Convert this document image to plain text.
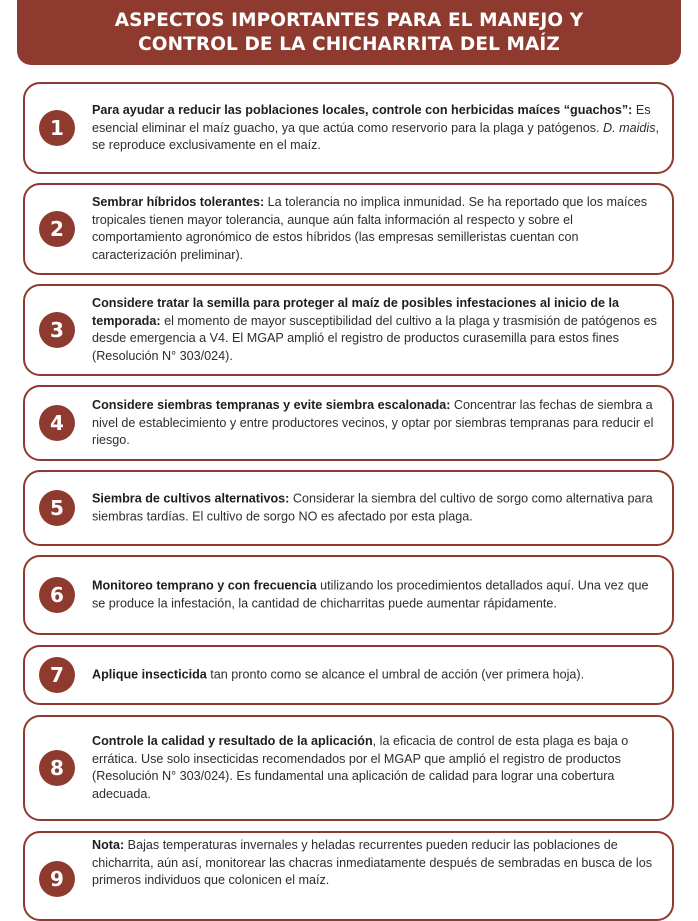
ASPECTOS IMPORTANTES PARA EL MANEJO Y
CONTROL DE LA CHICHARRITA DEL MAÍZ
1
Para ayudar a reducir las poblaciones locales, controle con herbicidas maíces “guachos”: Es esencial eliminar el maíz guacho, ya que actúa como reservorio para la plaga y patógenos. D. maidis, se reproduce exclusivamente en el maíz.
2
Sembrar híbridos tolerantes: La tolerancia no implica inmunidad. Se ha reportado que los maíces tropicales tienen mayor tolerancia, aunque aún falta información al respecto y sobre el comportamiento agronómico de estos híbridos (las empresas semilleristas cuentan con caracterización preliminar).
3
Considere tratar la semilla para proteger al maíz de posibles infestaciones al inicio de la temporada: el momento de mayor susceptibilidad del cultivo a la plaga y trasmisión de patógenos es desde emergencia a V4. El MGAP amplió el registro de productos curasemilla para estos fines (Resolución N° 303/024).
4
Considere siembras tempranas y evite siembra escalonada: Concentrar las fechas de siembra a nivel de establecimiento y entre productores vecinos, y optar por siembras tempranas para reducir el riesgo.
5	Siembra de cultivos alternativos: Considerar la siembra del cultivo de sorgo como alternativa para siembras tardías. El cultivo de sorgo NO es afectado por esta plaga.
6	Monitoreo temprano y con frecuencia utilizando los procedimientos detallados aquí. Una vez que se produce la infestación, la cantidad de chicharritas puede aumentar rápidamente.
7	Aplique insecticida tan pronto como se alcance el umbral de acción (ver primera hoja).
8
Controle la calidad y resultado de la aplicación, la eficacia de control de esta plaga es baja o errática. Use solo insecticidas recomendados por el MGAP que amplió el registro de productos (Resolución N° 303/024). Es fundamental una aplicación de calidad para lograr una cobertura adecuada.
9
Nota: Bajas temperaturas invernales y heladas recurrentes pueden reducir las poblaciones de chicharrita, aún así, monitorear las chacras inmediatamente después de sembradas en busca de los primeros individuos que colonicen el maíz.
